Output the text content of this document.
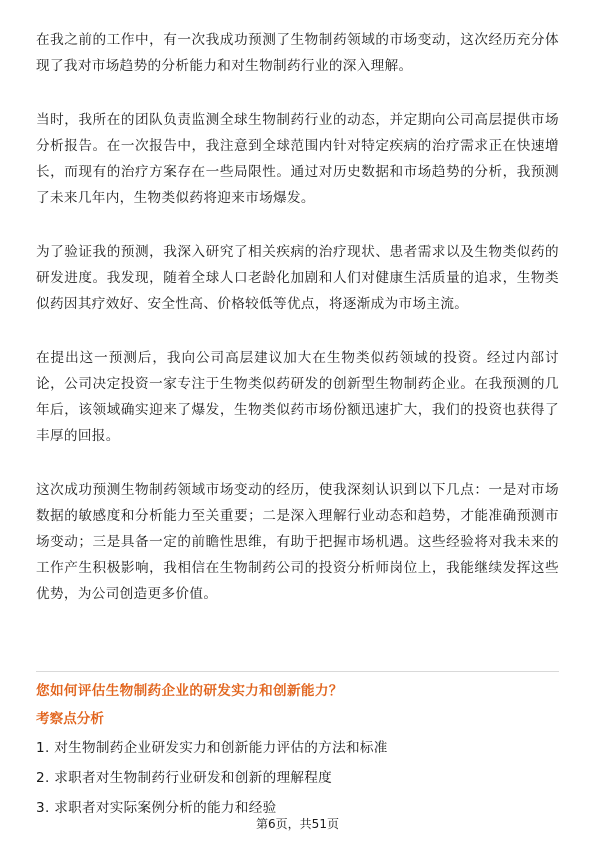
在我之前的工作中，有一次我成功预测了生物制药领域的市场变动，这次经历充分体现了我对市场趋势的分析能力和对生物制药行业的深入理解。

当时，我所在的团队负责监测全球生物制药行业的动态，并定期向公司高层提供市场分析报告。在一次报告中，我注意到全球范围内针对特定疾病的治疗需求正在快速增长，而现有的治疗方案存在一些局限性。通过对历史数据和市场趋势的分析，我预测了未来几年内，生物类似药将迎来市场爆发。

为了验证我的预测，我深入研究了相关疾病的治疗现状、患者需求以及生物类似药的研发进度。我发现，随着全球人口老龄化加剧和人们对健康生活质量的追求，生物类似药因其疗效好、安全性高、价格较低等优点，将逐渐成为市场主流。

在提出这一预测后，我向公司高层建议加大在生物类似药领域的投资。经过内部讨论，公司决定投资一家专注于生物类似药研发的创新型生物制药企业。在我预测的几年后，该领域确实迎来了爆发，生物类似药市场份额迅速扩大，我们的投资也获得了丰厚的回报。

这次成功预测生物制药领域市场变动的经历，使我深刻认识到以下几点：一是对市场数据的敏感度和分析能力至关重要；二是深入理解行业动态和趋势，才能准确预测市场变动；三是具备一定的前瞻性思维，有助于把握市场机遇。这些经验将对我未来的工作产生积极影响，我相信在生物制药公司的投资分析师岗位上，我能继续发挥这些优势，为公司创造更多价值。

您如何评估生物制药企业的研发实力和创新能力？
考察点分析
1. 对生物制药企业研发实力和创新能力评估的方法和标准
2. 求职者对生物制药行业研发和创新的理解程度
3. 求职者对实际案例分析的能力和经验
第6页，共51页
